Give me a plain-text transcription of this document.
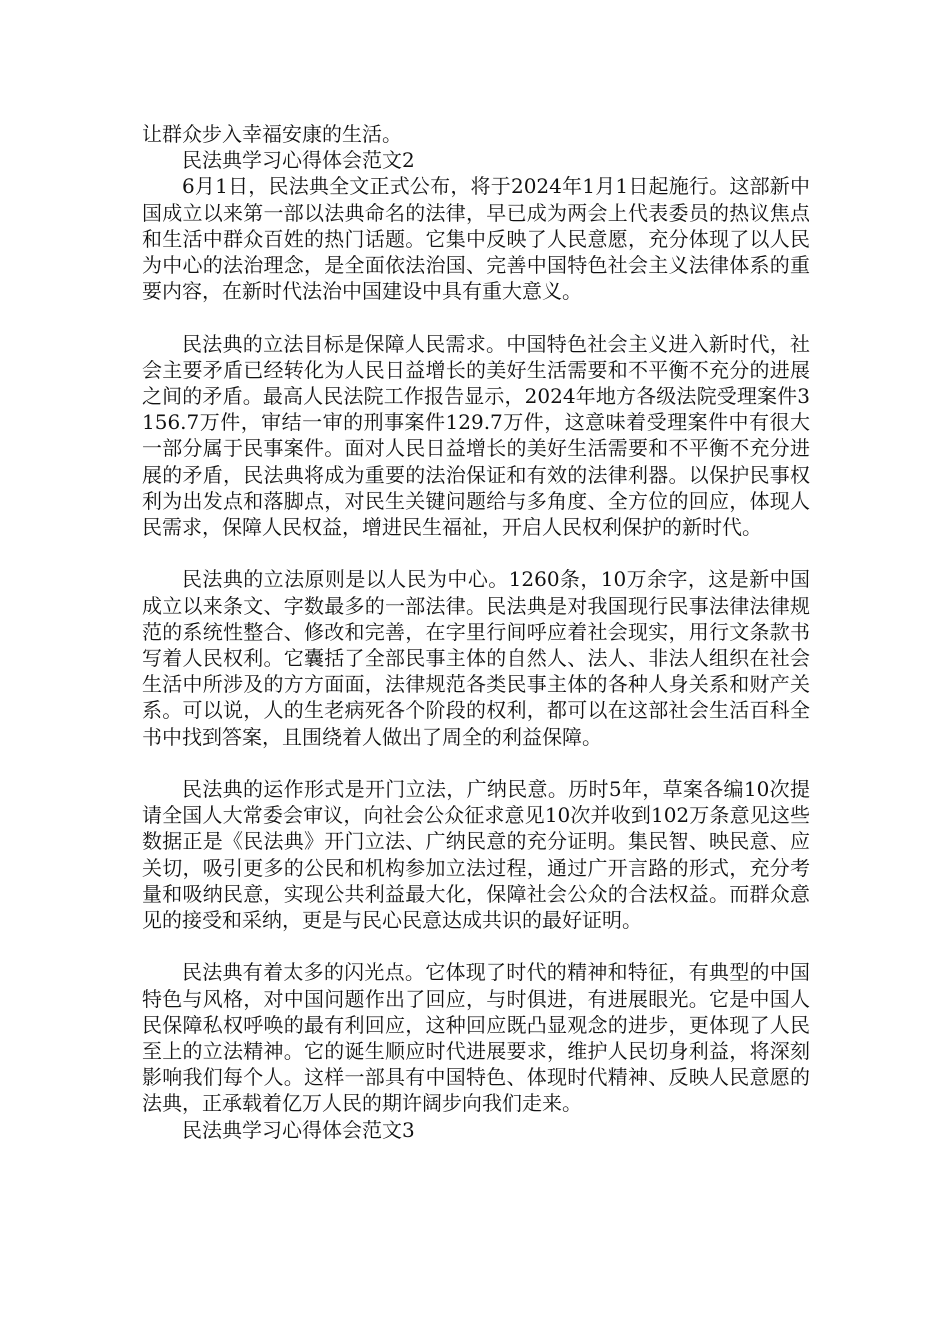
让群众步入幸福安康的生活。

民法典学习心得体会范文2

6月1日，民法典全文正式公布，将于2024年1月1日起施行。这部新中国成立以来第一部以法典命名的法律，早已成为两会上代表委员的热议焦点和生活中群众百姓的热门话题。它集中反映了人民意愿，充分体现了以人民为中心的法治理念，是全面依法治国、完善中国特色社会主义法律体系的重要内容，在新时代法治中国建设中具有重大意义。

民法典的立法目标是保障人民需求。中国特色社会主义进入新时代，社会主要矛盾已经转化为人民日益增长的美好生活需要和不平衡不充分的进展之间的矛盾。最高人民法院工作报告显示，2024年地方各级法院受理案件3156.7万件，审结一审的刑事案件129.7万件，这意味着受理案件中有很大一部分属于民事案件。面对人民日益增长的美好生活需要和不平衡不充分进展的矛盾，民法典将成为重要的法治保证和有效的法律利器。以保护民事权利为出发点和落脚点，对民生关键问题给与多角度、全方位的回应，体现人民需求，保障人民权益，增进民生福祉，开启人民权利保护的新时代。

民法典的立法原则是以人民为中心。1260条，10万余字，这是新中国成立以来条文、字数最多的一部法律。民法典是对我国现行民事法律法律规范的系统性整合、修改和完善，在字里行间呼应着社会现实，用行文条款书写着人民权利。它囊括了全部民事主体的自然人、法人、非法人组织在社会生活中所涉及的方方面面，法律规范各类民事主体的各种人身关系和财产关系。可以说，人的生老病死各个阶段的权利，都可以在这部社会生活百科全书中找到答案，且围绕着人做出了周全的利益保障。

民法典的运作形式是开门立法，广纳民意。历时5年，草案各编10次提请全国人大常委会审议，向社会公众征求意见10次并收到102万条意见这些数据正是《民法典》开门立法、广纳民意的充分证明。集民智、映民意、应关切，吸引更多的公民和机构参加立法过程，通过广开言路的形式，充分考量和吸纳民意，实现公共利益最大化，保障社会公众的合法权益。而群众意见的接受和采纳，更是与民心民意达成共识的最好证明。

民法典有着太多的闪光点。它体现了时代的精神和特征，有典型的中国特色与风格，对中国问题作出了回应，与时俱进，有进展眼光。它是中国人民保障私权呼唤的最有利回应，这种回应既凸显观念的进步，更体现了人民至上的立法精神。它的诞生顺应时代进展要求，维护人民切身利益，将深刻影响我们每个人。这样一部具有中国特色、体现时代精神、反映人民意愿的法典，正承载着亿万人民的期许阔步向我们走来。

民法典学习心得体会范文3
